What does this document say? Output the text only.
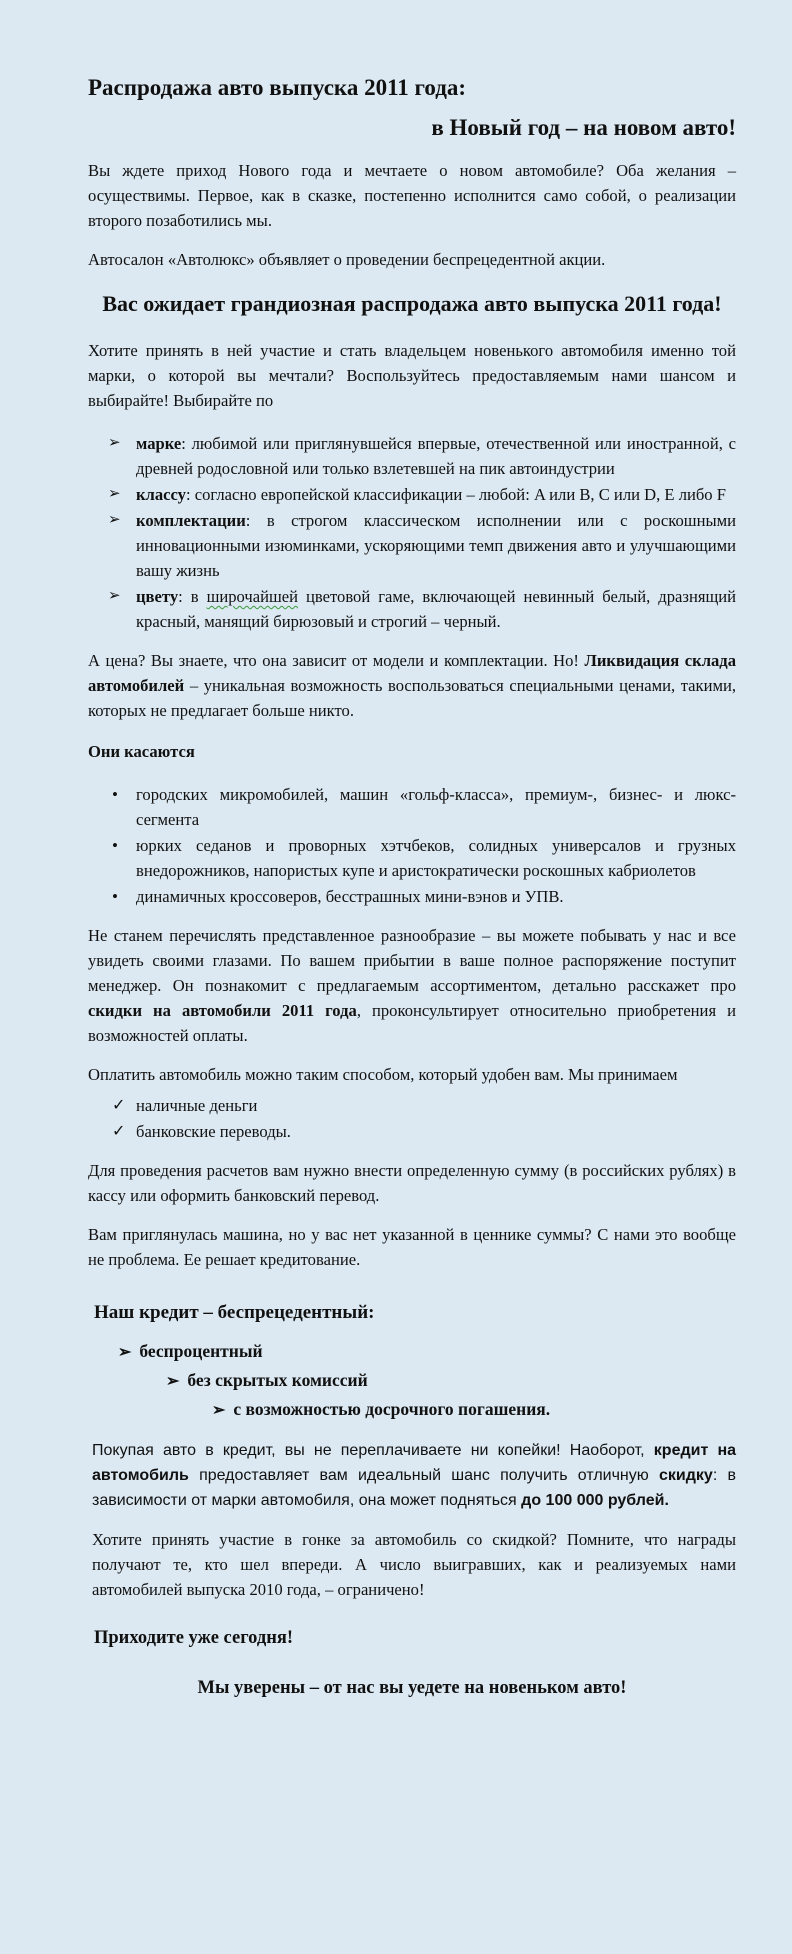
Распродажа авто выпуска 2011 года:
в Новый год – на новом авто!

Вы ждете приход Нового года и мечтаете о новом автомобиле? Оба желания – осуществимы. Первое, как в сказке, постепенно исполнится само собой, о реализации второго позаботились мы.

Автосалон «Автолюкс» объявляет о проведении беспрецедентной акции.

Вас ожидает грандиозная распродажа авто выпуска 2011 года!

Хотите принять в ней участие и стать владельцем новенького автомобиля именно той марки, о которой вы мечтали? Воспользуйтесь предоставляемым нами шансом и выбирайте! Выбирайте по

➢ марке: любимой или приглянувшейся впервые, отечественной или иностранной, с древней родословной или только взлетевшей на пик автоиндустрии
➢ классу: согласно европейской классификации – любой: A или B, C или D, E либо F
➢ комплектации: в строгом классическом исполнении или с роскошными инновационными изюминками, ускоряющими темп движения авто и улучшающими вашу жизнь
➢ цвету: в широчайшей цветовой гаме, включающей невинный белый, дразнящий красный, манящий бирюзовый и строгий – черный.

А цена? Вы знаете, что она зависит от модели и комплектации. Но! Ликвидация склада автомобилей – уникальная возможность воспользоваться специальными ценами, такими, которых не предлагает больше никто.

Они касаются
• городских микромобилей, машин «гольф-класса», премиум-, бизнес- и люкс- сегмента
• юрких седанов и проворных хэтчбеков, солидных универсалов и грузных внедорожников, напористых купе и аристократически роскошных кабриолетов
• динамичных кроссоверов, бесстрашных мини-вэнов и УПВ.

Не станем перечислять представленное разнообразие – вы можете побывать у нас и все увидеть своими глазами. По вашем прибытии в ваше полное распоряжение поступит менеджер. Он познакомит с предлагаемым ассортиментом, детально расскажет про скидки на автомобили 2011 года, проконсультирует относительно приобретения и возможностей оплаты.

Оплатить автомобиль можно таким способом, который удобен вам. Мы принимаем

✓ наличные деньги
✓ банковские переводы.

Для проведения расчетов вам нужно внести определенную сумму (в российских рублях) в кассу или оформить банковский перевод.

Вам приглянулась машина, но у вас нет указанной в ценнике суммы? С нами это вообще не проблема. Ее решает кредитование.

Наш кредит – беспрецедентный:
➢ беспроцентный
➢ без скрытых комиссий
➢ с возможностью досрочного погашения.

Покупая авто в кредит, вы не переплачиваете ни копейки! Наоборот, кредит на автомобиль предоставляет вам идеальный шанс получить отличную скидку: в зависимости от марки автомобиля, она может подняться до 100 000 рублей.

Хотите принять участие в гонке за автомобиль со скидкой? Помните, что награды получают те, кто шел впереди. А число выигравших, как и реализуемых нами автомобилей выпуска 2010 года, – ограничено!

Приходите уже сегодня!
Мы уверены – от нас вы уедете на новеньком авто!
